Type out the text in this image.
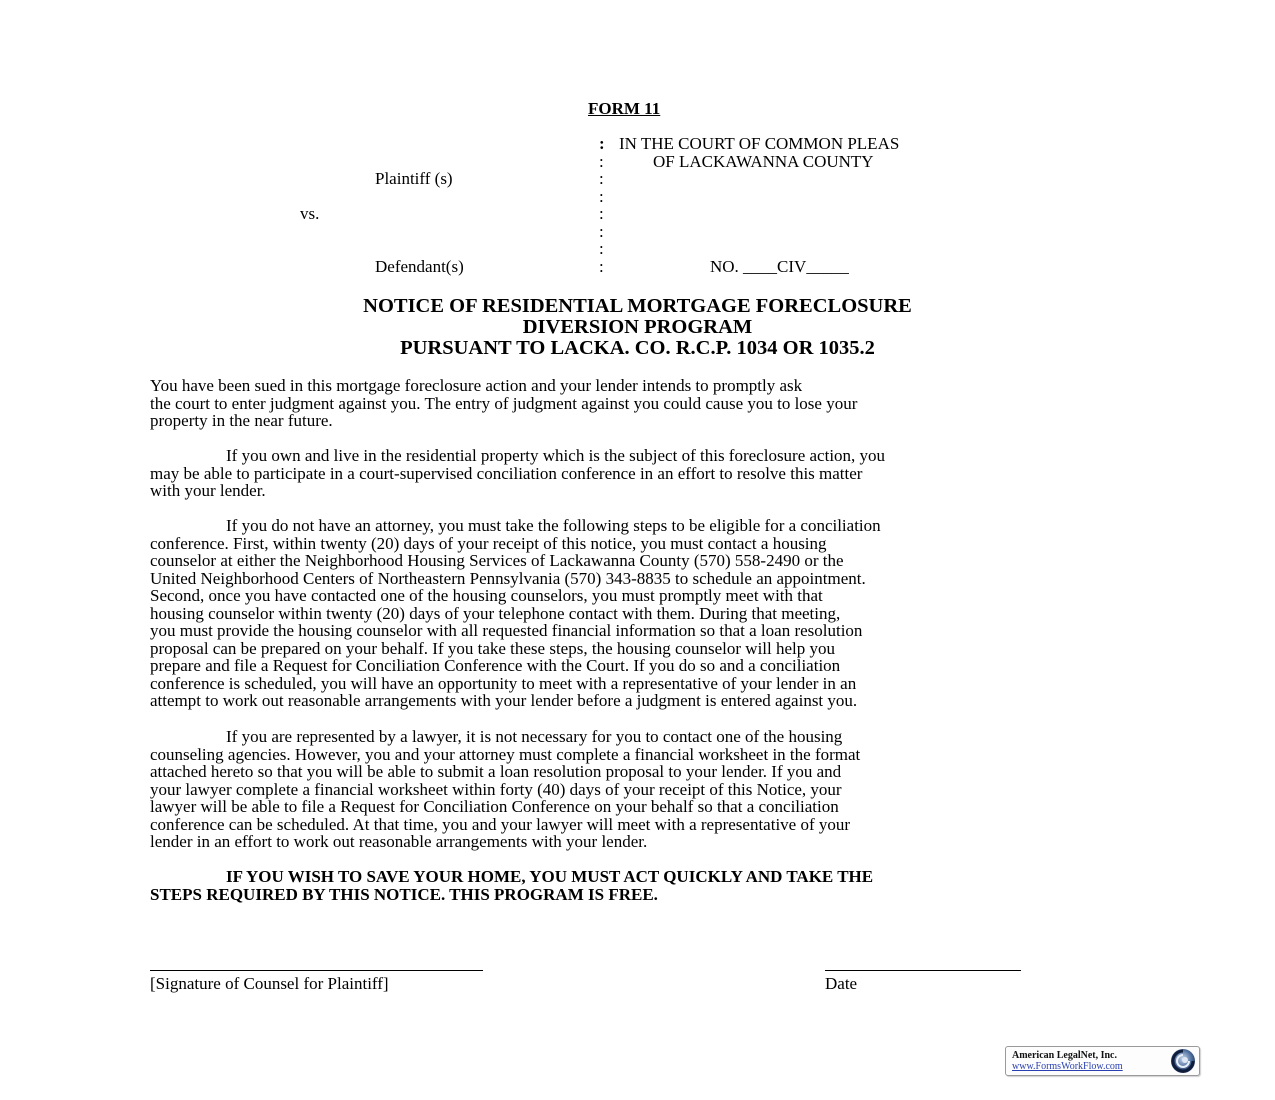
FORM 11
: IN THE COURT OF COMMON PLEAS
:	OF LACKAWANNA COUNTY
Plaintiff (s)	:
:
vs.	:
:
:
Defendant(s)	:	NO. ____CIV_____
NOTICE OF RESIDENTIAL MORTGAGE FORECLOSURE
DIVERSION PROGRAM
PURSUANT TO LACKA. CO. R.C.P. 1034 OR 1035.2
You have been sued in this mortgage foreclosure action and your lender intends to promptly ask
the court to enter judgment against you. The entry of judgment against you could cause you to lose your
property in the near future.
If you own and live in the residential property which is the subject of this foreclosure action, you
may be able to participate in a court-supervised conciliation conference in an effort to resolve this matter
with your lender.
If you do not have an attorney, you must take the following steps to be eligible for a conciliation
conference. First, within twenty (20) days of your receipt of this notice, you must contact a housing
counselor at either the Neighborhood Housing Services of Lackawanna County (570) 558-2490 or the
United Neighborhood Centers of Northeastern Pennsylvania (570) 343-8835 to schedule an appointment.
Second, once you have contacted one of the housing counselors, you must promptly meet with that
housing counselor within twenty (20) days of your telephone contact with them. During that meeting,
you must provide the housing counselor with all requested financial information so that a loan resolution
proposal can be prepared on your behalf. If you take these steps, the housing counselor will help you
prepare and file a Request for Conciliation Conference with the Court. If you do so and a conciliation
conference is scheduled, you will have an opportunity to meet with a representative of your lender in an
attempt to work out reasonable arrangements with your lender before a judgment is entered against you.
If you are represented by a lawyer, it is not necessary for you to contact one of the housing
counseling agencies. However, you and your attorney must complete a financial worksheet in the format
attached hereto so that you will be able to submit a loan resolution proposal to your lender. If you and
your lawyer complete a financial worksheet within forty (40) days of your receipt of this Notice, your
lawyer will be able to file a Request for Conciliation Conference on your behalf so that a conciliation
conference can be scheduled. At that time, you and your lawyer will meet with a representative of your
lender in an effort to work out reasonable arrangements with your lender.
IF YOU WISH TO SAVE YOUR HOME, YOU MUST ACT QUICKLY AND TAKE THE
STEPS REQUIRED BY THIS NOTICE. THIS PROGRAM IS FREE.
[Signature of Counsel for Plaintiff]	Date
American LegalNet, Inc.
www.FormsWorkFlow.com
